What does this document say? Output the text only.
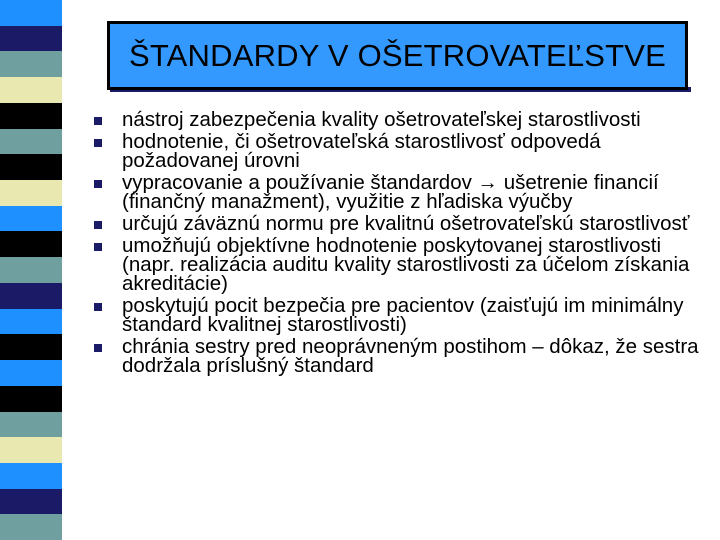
ŠTANDARDY V OŠETROVATEĽSTVE
nástroj zabezpečenia kvality ošetrovateľskej starostlivosti
hodnotenie, či ošetrovateľská starostlivosť odpovedá požadovanej úrovni
vypracovanie a používanie štandardov → ušetrenie financií (finančný manažment), využitie z hľadiska výučby
určujú záväznú normu pre kvalitnú ošetrovateľskú starostlivosť
umožňujú objektívne hodnotenie poskytovanej starostlivosti (napr. realizácia auditu kvality starostlivosti za účelom získania akreditácie)
poskytujú pocit bezpečia pre pacientov (zaisťujú im minimálny štandard kvalitnej starostlivosti)
chránia sestry pred neoprávneným postihom – dôkaz, že sestra dodržala príslušný štandard
